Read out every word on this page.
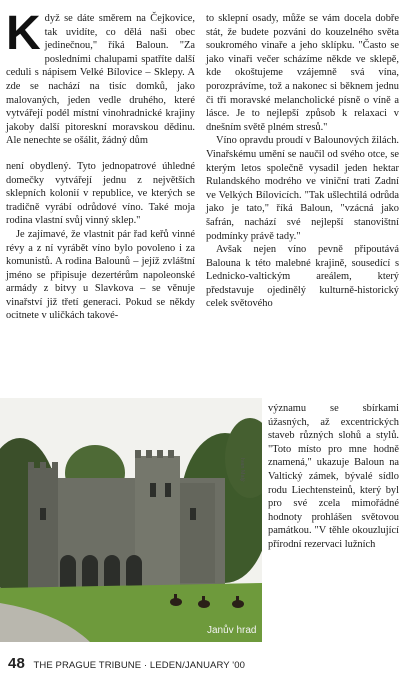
Když se dáte směrem na Čejkovice, tak uvidíte, co dělá naši obec jedinečnou," říká Baloun. "Za posledními chalupami spatříte další ceduli s nápisem Velké Bílovice – Sklepy. A zde se nachází na tisíc domků, jako malovaných, jeden vedle druhého, které vytvářejí podél místní vinohradnické krajiny jakoby další pitoreskní moravskou dědinu. Ale nenechte se ošálit, žádný dům

není obydlený. Tyto jednopatrové úhledné domečky vytvářejí jednu z největších sklepních kolonií v republice, ve kterých se tradičně vyrábí odrůdové víno. Také moja rodina vlastní svůj vinný sklep."

Je zajímavé, že vlastnit pár řad keřů vinné révy a z ní vyrábět víno bylo povoleno i za komunistů. A rodina Balounů – jejíž zvláštní jméno se připisuje dezertérům napoleonské armády z bitvy u Slavkova – se věnuje vinařství již třetí generaci. Pokud se někdy ocitnete v uličkách takové-

to sklepní osady, může se vám docela dobře stát, že budete pozváni do kouzelného světa soukromého vinaře a jeho sklípku. "Často se jako vinaři večer scházíme někde ve sklepě, kde okoštujeme vzájemně svá vína, porozprávíme, tož a nakonec si běknem jednu či tři moravské melancholické písně o víně a lásce. Je to nejlepší způsob k relaxaci v dnešním světě plném stresů."

Víno opravdu proudí v Balounových žilách. Vinařskému umění se naučil od svého otce, se kterým letos společně vysadil jeden hektar Rulandského modrého ve viniční trati Zadní ve Velkých Bílovicích. "Tak ušlechtilá odrůda jako je tato," říká Baloun, "vzácná jako šafrán, nachází své nejlepší stanovištní podmínky právě tady."

Avšak nejen víno pevně připoutává Balouna k této malebné krajině, sousedící s Lednicko-valtickým areálem, který představuje ojedinělý kulturně-historický celek světového

Ivan Malý
Janův hrad

významu se sbírkami úžasných, až excentrických staveb různých slohů a stylů. "Toto místo pro mne hodně znamená," ukazuje Baloun na Valtický zámek, bývalé sídlo rodu Liechtensteinů, který byl pro své zcela mimořádné hodnoty prohlášen světovou památkou. "V těhle okouzlující přírodní rezervaci lužních

48 THE PRAGUE TRIBUNE · LEDEN/JANUARY '00
